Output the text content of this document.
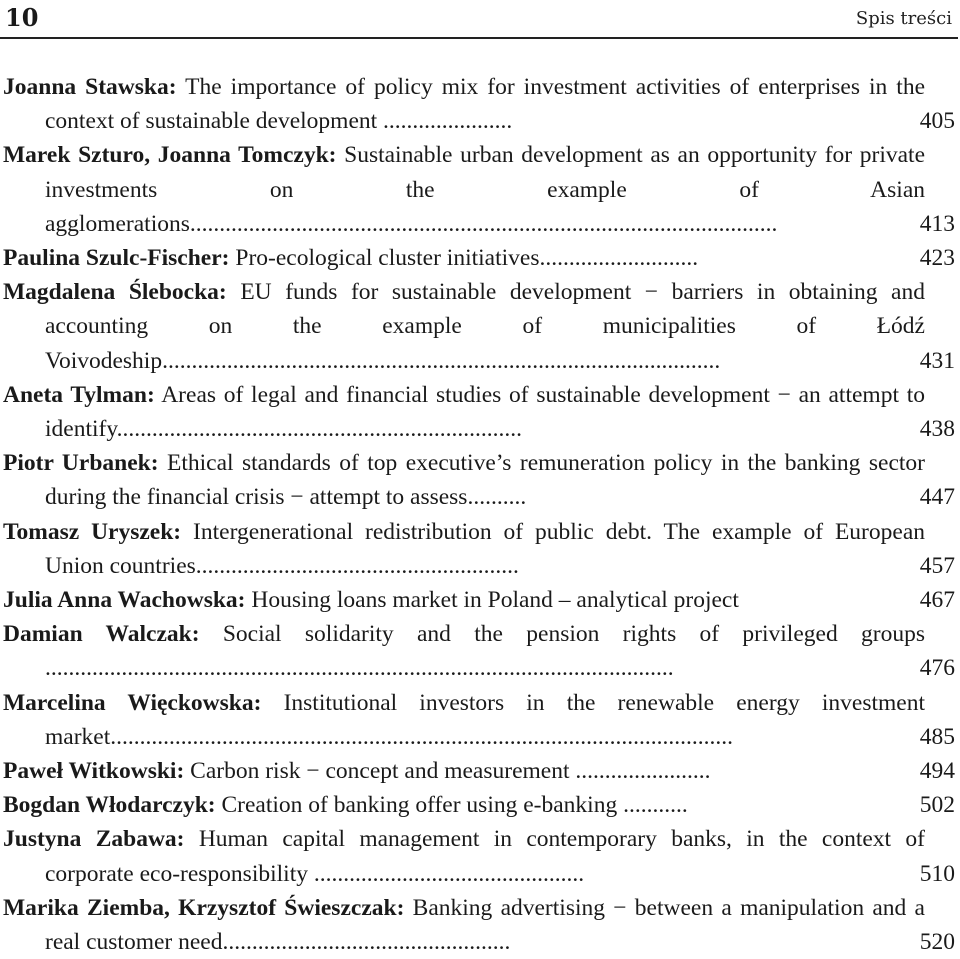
10	Spis treści
Joanna Stawska: The importance of policy mix for investment activities of enterprises in the context of sustainable development ......................	405
Marek Szturo, Joanna Tomczyk: Sustainable urban development as an opportunity for private investments on the example of Asian agglomerations....................................................................................................	413
Paulina Szulc-Fischer: Pro-ecological cluster initiatives...........................	423
Magdalena Ślebocka: EU funds for sustainable development − barriers in obtaining and accounting on the example of municipalities of Łódź Voivodeship...............................................................................................	431
Aneta Tylman: Areas of legal and financial studies of sustainable development − an attempt to identify.....................................................................	438
Piotr Urbanek: Ethical standards of top executive’s remuneration policy in the banking sector during the financial crisis − attempt to assess..........	447
Tomasz Uryszek: Intergenerational redistribution of public debt. The example of European Union countries.......................................................	457
Julia Anna Wachowska: Housing loans market in Poland – analytical project	467
Damian Walczak: Social solidarity and the pension rights of privileged groups ...........................................................................................................	476
Marcelina Więckowska: Institutional investors in the renewable energy investment market..........................................................................................................	485
Paweł Witkowski: Carbon risk − concept and measurement .......................	494
Bogdan Włodarczyk: Creation of banking offer using e-banking ...........	502
Justyna Zabawa: Human capital management in contemporary banks, in the context of corporate eco-responsibility ..............................................	510
Marika Ziemba, Krzysztof Świeszczak: Banking advertising − between a manipulation and a real customer need.................................................	520
